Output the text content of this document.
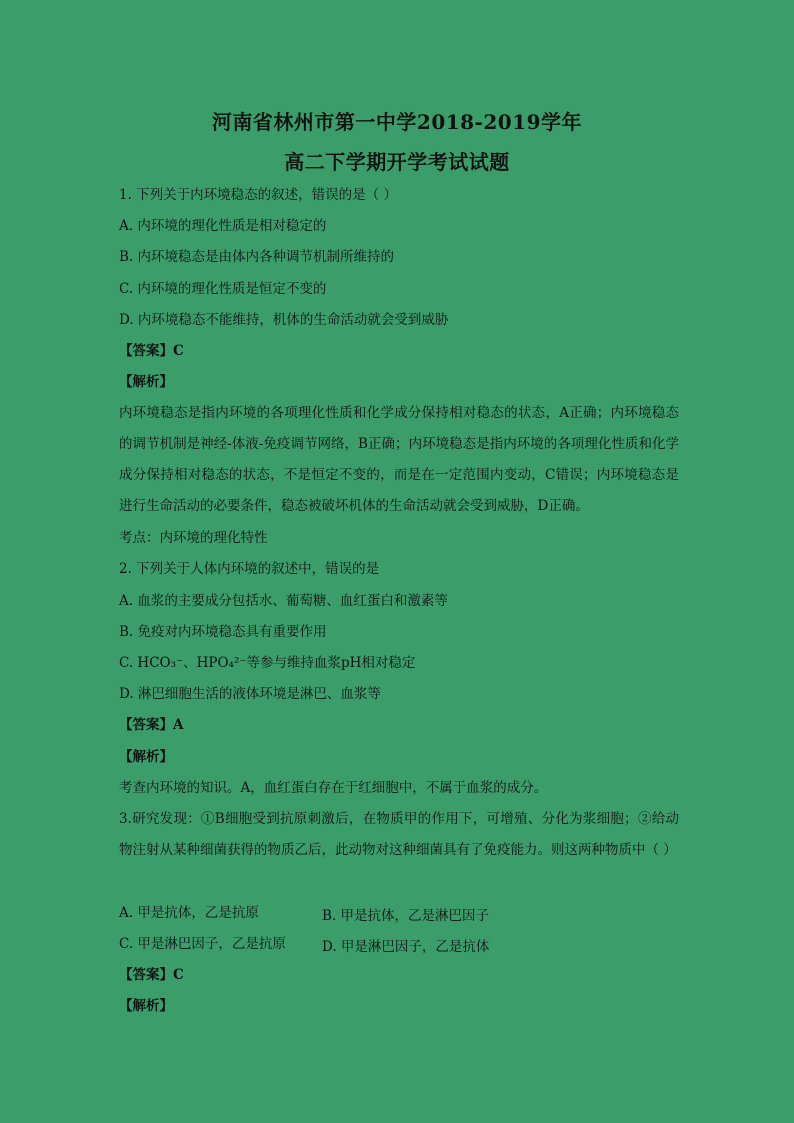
河南省林州市第一中学2018-2019学年
高二下学期开学考试试题
1. 下列关于内环境稳态的叙述，错误的是（ ）
A. 内环境的理化性质是相对稳定的
B. 内环境稳态是由体内各种调节机制所维持的
C. 内环境的理化性质是恒定不变的
D. 内环境稳态不能维持，机体的生命活动就会受到威胁
【答案】C
【解析】
内环境稳态是指内环境的各项理化性质和化学成分保持相对稳态的状态，A正确；内环境稳态的调节机制是神经-体液-免疫调节网络，B正确；内环境稳态是指内环境的各项理化性质和化学成分保持相对稳态的状态，不是恒定不变的，而是在一定范围内变动，C错误；内环境稳态是进行生命活动的必要条件，稳态被破坏机体的生命活动就会受到威胁，D正确。
考点：内环境的理化特性
2. 下列关于人体内环境的叙述中，错误的是
A. 血浆的主要成分包括水、葡萄糖、血红蛋白和激素等
B. 免疫对内环境稳态具有重要作用
C. HCO₃⁻、HPO₄²⁻等参与维持血浆pH相对稳定
D. 淋巴细胞生活的液体环境是淋巴、血浆等
【答案】A
【解析】
考查内环境的知识。A，血红蛋白存在于红细胞中，不属于血浆的成分。
3.研究发现：①B细胞受到抗原刺激后，在物质甲的作用下，可增殖、分化为浆细胞；②给动物注射从某种细菌获得的物质乙后，此动物对这种细菌具有了免疫能力。则这两种物质中（ ）
A. 甲是抗体，乙是抗原	B. 甲是抗体，乙是淋巴因子
C. 甲是淋巴因子，乙是抗原	D. 甲是淋巴因子，乙是抗体
【答案】C
【解析】
